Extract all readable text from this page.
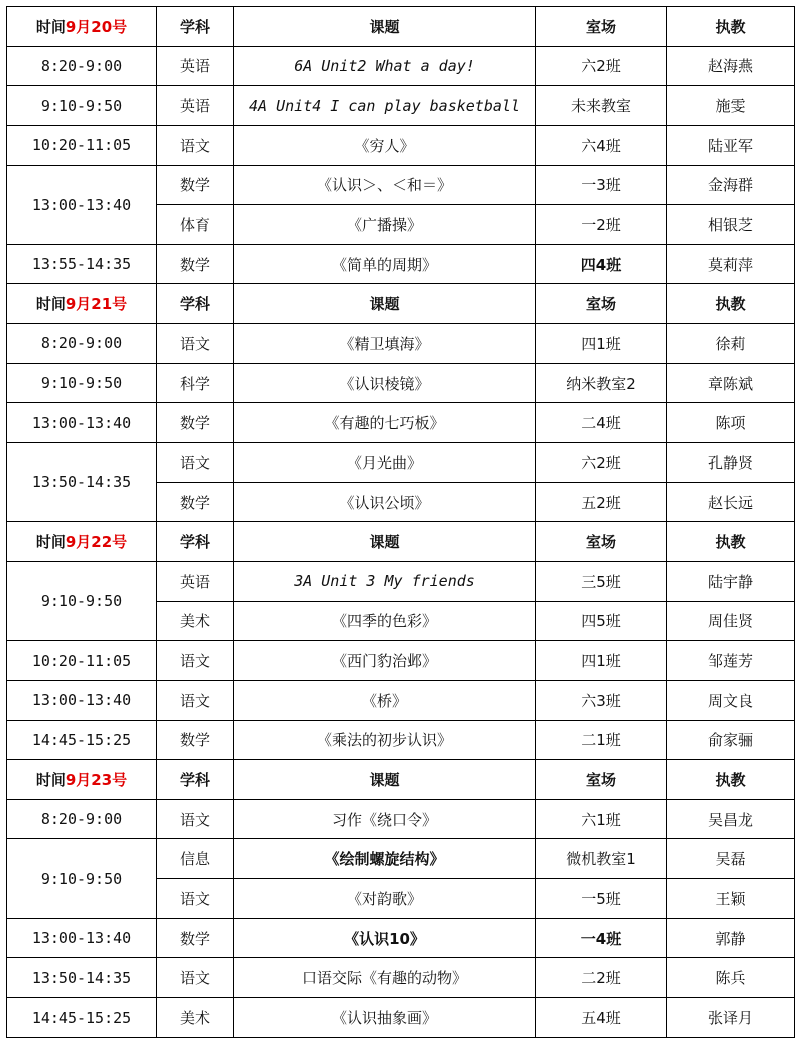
时间9月20号	学科	课题	室场	执教
8:20-9:00	英语	6A Unit2 What a day!	六2班	赵海燕
9:10-9:50	英语	4A Unit4 I can play basketball	未来教室	施雯
10:20-11:05	语文	《穷人》	六4班	陆亚军
13:00-13:40	数学	《认识＞、＜和＝》	一3班	金海群
	体育	《广播操》	一2班	相银芝
13:55-14:35	数学	《简单的周期》	四4班	莫莉萍
时间9月21号	学科	课题	室场	执教
8:20-9:00	语文	《精卫填海》	四1班	徐莉
9:10-9:50	科学	《认识棱镜》	纳米教室2	章陈斌
13:00-13:40	数学	《有趣的七巧板》	二4班	陈项
13:50-14:35	语文	《月光曲》	六2班	孔静贤
	数学	《认识公顷》	五2班	赵长远
时间9月22号	学科	课题	室场	执教
9:10-9:50	英语	3A Unit 3 My friends	三5班	陆宇静
	美术	《四季的色彩》	四5班	周佳贤
10:20-11:05	语文	《西门豹治邺》	四1班	邹莲芳
13:00-13:40	语文	《桥》	六3班	周文良
14:45-15:25	数学	《乘法的初步认识》	二1班	俞家骊
时间9月23号	学科	课题	室场	执教
8:20-9:00	语文	习作《绕口令》	六1班	吴昌龙
9:10-9:50	信息	《绘制螺旋结构》	微机教室1	吴磊
	语文	《对韵歌》	一5班	王颖
13:00-13:40	数学	《认识10》	一4班	郭静
13:50-14:35	语文	口语交际《有趣的动物》	二2班	陈兵
14:45-15:25	美术	《认识抽象画》	五4班	张译月
